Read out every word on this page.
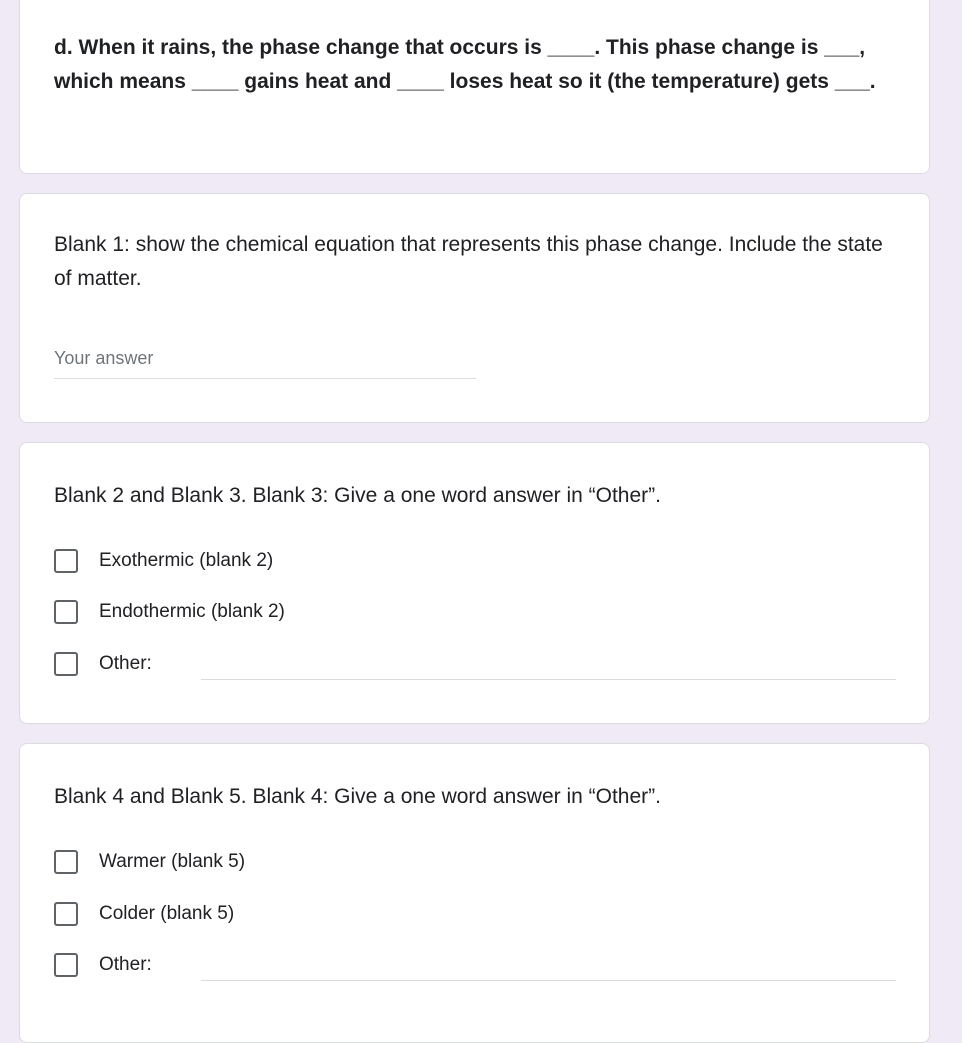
d. When it rains, the phase change that occurs is ____. This phase change is ___, which means ____ gains heat and ____ loses heat so it (the temperature) gets ___.

Blank 1: show the chemical equation that represents this phase change. Include the state of matter.

Your answer

Blank 2 and Blank 3. Blank 3: Give a one word answer in “Other”.

Exothermic (blank 2)
Endothermic (blank 2)
Other:

Blank 4 and Blank 5. Blank 4: Give a one word answer in “Other”.

Warmer (blank 5)
Colder (blank 5)
Other:
